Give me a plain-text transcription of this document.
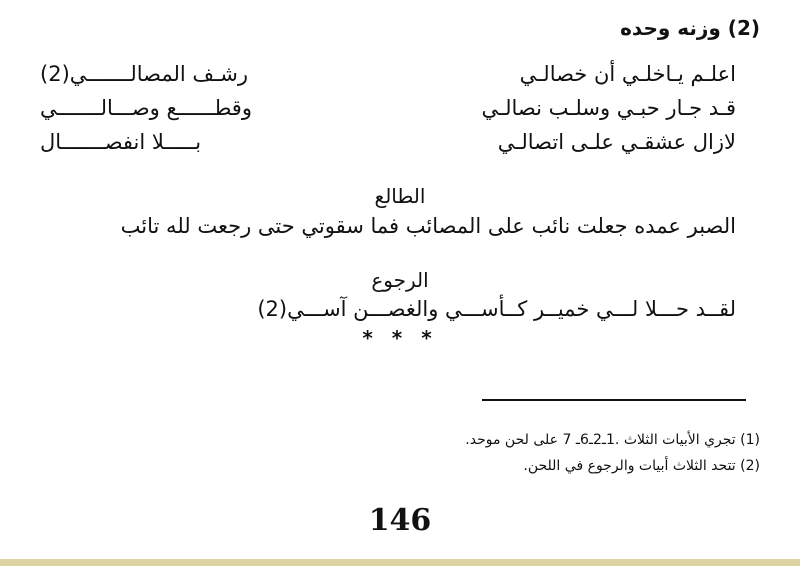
(2) وزنه وحده
اعلـم يـاخلـي أن خصالـي
رشـف المصالـــــــي(2)
قـد جـار حبـي وسلـب نصالـي
وقطــــــع وصـــالـــــــي
لازال عشقـي علـى اتصالـي
بـــــلا انفصـــــــال
الطالع
الصبر عمده جعلت نائب على المصائب فما سقوتي حتى رجعت لله تائب
الرجوع
لقــد حـــلا لـــي خميــر كــأســـي والغصـــن آســـي(2)
* * *
(1) تجري الأبيات الثلاث .1ـ2ـ6ـ 7 على لحن موحد.
(2) تتحد الثلاث أبيات والرجوع في اللحن.
146
